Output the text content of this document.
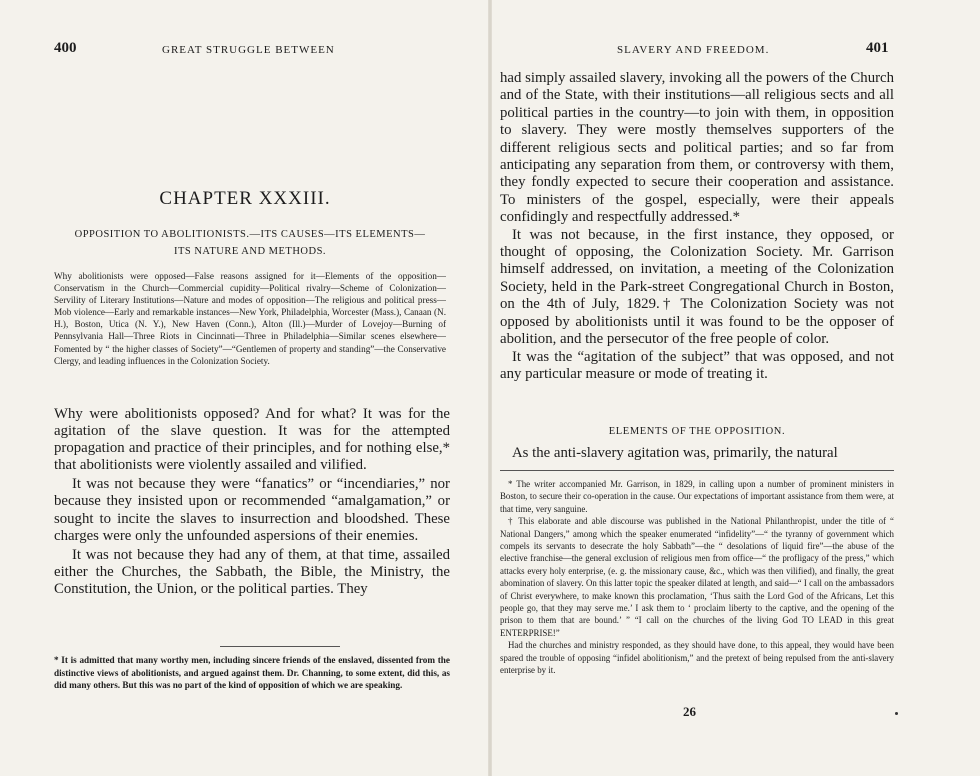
400	GREAT STRUGGLE BETWEEN	SLAVERY AND FREEDOM.	401
CHAPTER XXXIII.
OPPOSITION TO ABOLITIONISTS.—ITS CAUSES—ITS ELEMENTS—
ITS NATURE AND METHODS.
Why abolitionists were opposed—False reasons assigned for it—Elements of the opposition—Conservatism in the Church—Commercial cupidity—Political rivalry—Scheme of Colonization—Servility of Literary Institutions—Nature and modes of opposition—The religious and political press—Mob violence—Early and remarkable instances—New York, Philadelphia, Worcester (Mass.), Canaan (N. H.), Boston, Utica (N. Y.), New Haven (Conn.), Alton (Ill.)—Murder of Lovejoy—Burning of Pennsylvania Hall—Three Riots in Cincinnati—Three in Philadelphia—Similar scenes elsewhere—Fomented by “ the higher classes of Society”—“Gentlemen of property and standing”—the Conservative Clergy, and leading influences in the Colonization Society.

Why were abolitionists opposed? And for what? It was for the agitation of the slave question. It was for the attempted propagation and practice of their principles, and for nothing else,* that abolitionists were violently assailed and vilified.

It was not because they were “fanatics” or “incendiaries,” nor because they insisted upon or recommended “amalgamation,” or sought to incite the slaves to insurrection and bloodshed. These charges were only the unfounded aspersions of their enemies.

It was not because they had any of them, at that time, assailed either the Churches, the Sabbath, the Bible, the Ministry, the Constitution, the Union, or the political parties. They

* It is admitted that many worthy men, including sincere friends of the enslaved, dissented from the distinctive views of abolitionists, and argued against them. Dr. Channing, to some extent, did this, as did many others. But this was no part of the kind of opposition of which we are speaking.

had simply assailed slavery, invoking all the powers of the Church and of the State, with their institutions—all religious sects and all political parties in the country—to join with them, in opposition to slavery. They were mostly themselves supporters of the different religious sects and political parties; and so far from anticipating any separation from them, or controversy with them, they fondly expected to secure their cooperation and assistance. To ministers of the gospel, especially, were their appeals confidingly and respectfully addressed.*

It was not because, in the first instance, they opposed, or thought of opposing, the Colonization Society. Mr. Garrison himself addressed, on invitation, a meeting of the Colonization Society, held in the Park-street Congregational Church in Boston, on the 4th of July, 1829.† The Colonization Society was not opposed by abolitionists until it was found to be the opposer of abolition, and the persecutor of the free people of color.

It was the “agitation of the subject” that was opposed, and not any particular measure or mode of treating it.

ELEMENTS OF THE OPPOSITION.
As the anti-slavery agitation was, primarily, the natural

* The writer accompanied Mr. Garrison, in 1829, in calling upon a number of prominent ministers in Boston, to secure their co-operation in the cause. Our expectations of important assistance from them were, at that time, very sanguine.

† This elaborate and able discourse was published in the National Philanthropist, under the title of “ National Dangers,” among which the speaker enumerated “infidelity”—“ the tyranny of government which compels its servants to desecrate the holy Sabbath”—the “ desolations of liquid fire”—the abuse of the elective franchise—the general exclusion of religious men from office—“ the profligacy of the press,” which attacks every holy enterprise, (e. g. the missionary cause, &c., which was then vilified), and finally, the great abomination of slavery. On this latter topic the speaker dilated at length, and said—“ I call on the ambassadors of Christ everywhere, to make known this proclamation, ‘Thus saith the Lord God of the Africans, Let this people go, that they may serve me.’ I ask them to ‘ proclaim liberty to the captive, and the opening of the prison to them that are bound.’ ” “I call on the churches of the living God TO LEAD in this great ENTERPRISE!”

Had the churches and ministry responded, as they should have done, to this appeal, they would have been spared the trouble of opposing “infidel abolitionism,” and the pretext of being repulsed from the anti-slavery enterprise by it.

26
